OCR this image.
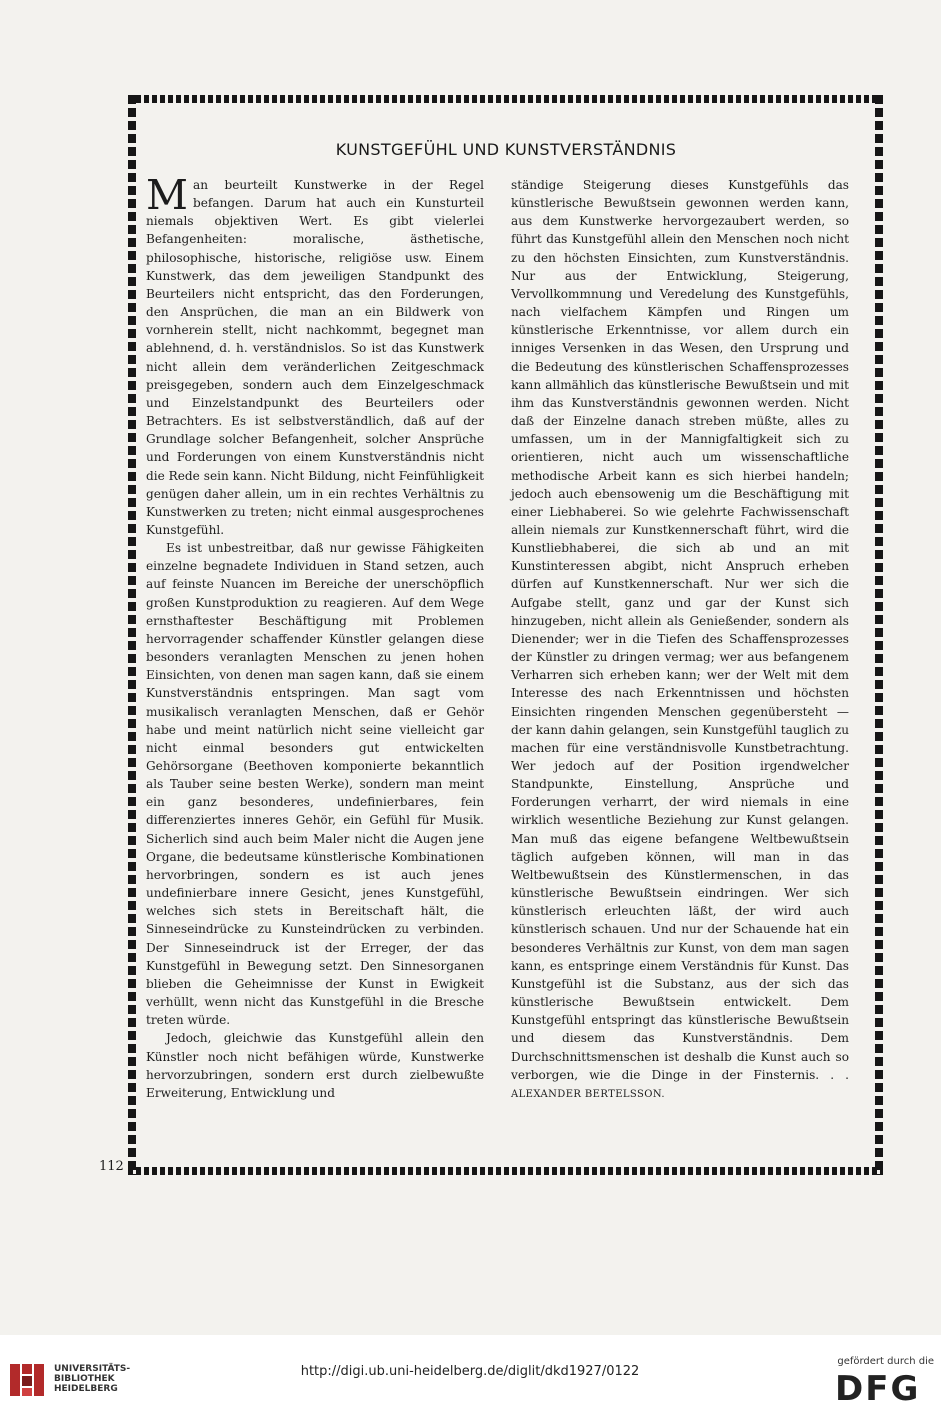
KUNSTGEFÜHL UND KUNSTVERSTÄNDNIS

Man beurteilt Kunstwerke in der Regel befangen. Darum hat auch ein Kunsturteil niemals objektiven Wert. Es gibt vielerlei Befangenheiten: moralische, ästhetische, philosophische, historische, religiöse usw. Einem Kunstwerk, das dem jeweiligen Standpunkt des Beurteilers nicht entspricht, das den Forderungen, den Ansprüchen, die man an ein Bildwerk von vornherein stellt, nicht nachkommt, begegnet man ablehnend, d. h. verständnislos. So ist das Kunstwerk nicht allein dem veränderlichen Zeitgeschmack preisgegeben, sondern auch dem Einzelgeschmack und Einzelstandpunkt des Beurteilers oder Betrachters. Es ist selbstverständlich, daß auf der Grundlage solcher Befangenheit, solcher Ansprüche und Forderungen von einem Kunstverständnis nicht die Rede sein kann. Nicht Bildung, nicht Feinfühligkeit genügen daher allein, um in ein rechtes Verhältnis zu Kunstwerken zu treten; nicht einmal ausgesprochenes Kunstgefühl.

Es ist unbestreitbar, daß nur gewisse Fähigkeiten einzelne begnadete Individuen in Stand setzen, auch auf feinste Nuancen im Bereiche der unerschöpflich großen Kunstproduktion zu reagieren. Auf dem Wege ernsthaftester Beschäftigung mit Problemen hervorragender schaffender Künstler gelangen diese besonders veranlagten Menschen zu jenen hohen Einsichten, von denen man sagen kann, daß sie einem Kunstverständnis entspringen. Man sagt vom musikalisch veranlagten Menschen, daß er Gehör habe und meint natürlich nicht seine vielleicht gar nicht einmal besonders gut entwickelten Gehörsorgane (Beethoven komponierte bekanntlich als Tauber seine besten Werke), sondern man meint ein ganz besonderes, undefinierbares, fein differenziertes inneres Gehör, ein Gefühl für Musik. Sicherlich sind auch beim Maler nicht die Augen jene Organe, die bedeutsame künstlerische Kombinationen hervorbringen, sondern es ist auch jenes undefinierbare innere Gesicht, jenes Kunstgefühl, welches sich stets in Bereitschaft hält, die Sinneseindrücke zu Kunsteindrücken zu verbinden. Der Sinneseindruck ist der Erreger, der das Kunstgefühl in Bewegung setzt. Den Sinnesorganen blieben die Geheimnisse der Kunst in Ewigkeit verhüllt, wenn nicht das Kunstgefühl in die Bresche treten würde.

Jedoch, gleichwie das Kunstgefühl allein den Künstler noch nicht befähigen würde, Kunstwerke hervorzubringen, sondern erst durch zielbewußte Erweiterung, Entwicklung und

ständige Steigerung dieses Kunstgefühls das künstlerische Bewußtsein gewonnen werden kann, aus dem Kunstwerke hervorgezaubert werden, so führt das Kunstgefühl allein den Menschen noch nicht zu den höchsten Einsichten, zum Kunstverständnis. Nur aus der Entwicklung, Steigerung, Vervollkommnung und Veredelung des Kunstgefühls, nach vielfachem Kämpfen und Ringen um künstlerische Erkenntnisse, vor allem durch ein inniges Versenken in das Wesen, den Ursprung und die Bedeutung des künstlerischen Schaffensprozesses kann allmählich das künstlerische Bewußtsein und mit ihm das Kunstverständnis gewonnen werden. Nicht daß der Einzelne danach streben müßte, alles zu umfassen, um in der Mannigfaltigkeit sich zu orientieren, nicht auch um wissenschaftliche methodische Arbeit kann es sich hierbei handeln; jedoch auch ebensowenig um die Beschäftigung mit einer Liebhaberei. So wie gelehrte Fachwissenschaft allein niemals zur Kunstkennerschaft führt, wird die Kunstliebhaberei, die sich ab und an mit Kunstinteressen abgibt, nicht Anspruch erheben dürfen auf Kunstkennerschaft. Nur wer sich die Aufgabe stellt, ganz und gar der Kunst sich hinzugeben, nicht allein als Genießender, sondern als Dienender; wer in die Tiefen des Schaffensprozesses der Künstler zu dringen vermag; wer aus befangenem Verharren sich erheben kann; wer der Welt mit dem Interesse des nach Erkenntnissen und höchsten Einsichten ringenden Menschen gegenübersteht — der kann dahin gelangen, sein Kunstgefühl tauglich zu machen für eine verständnisvolle Kunstbetrachtung. Wer jedoch auf der Position irgendwelcher Standpunkte, Einstellung, Ansprüche und Forderungen verharrt, der wird niemals in eine wirklich wesentliche Beziehung zur Kunst gelangen. Man muß das eigene befangene Weltbewußtsein täglich aufgeben können, will man in das Weltbewußtsein des Künstlermenschen, in das künstlerische Bewußtsein eindringen. Wer sich künstlerisch erleuchten läßt, der wird auch künstlerisch schauen. Und nur der Schauende hat ein besonderes Verhältnis zur Kunst, von dem man sagen kann, es entspringe einem Verständnis für Kunst. Das Kunstgefühl ist die Substanz, aus der sich das künstlerische Bewußtsein entwickelt. Dem Kunstgefühl entspringt das künstlerische Bewußtsein und diesem das Kunstverständnis. Dem Durchschnittsmenschen ist deshalb die Kunst auch so verborgen, wie die Dinge in der Finsternis. . . ALEXANDER BERTELSSON.

112
UNIVERSITÄTS-
BIBLIOTHEK
HEIDELBERG
http://digi.ub.uni-heidelberg.de/diglit/dkd1927/0122
gefördert durch die
DFG
